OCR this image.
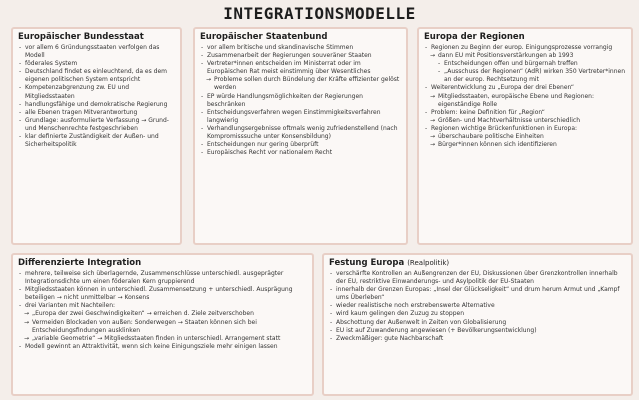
INTEGRATIONSMODELLE
Europäischer Bundesstaat
- vor allem 6 Gründungsstaaten verfolgen das Modell
- föderales System
- Deutschland findet es einleuchtend, da es dem eigenen politischen System entspricht
- Kompetenzabgrenzung zw. EU und Mitgliedsstaaten
- handlungsfähige und demokratische Regierung
- alle Ebenen tragen Mitverantwortung
- Grundlage: ausformulierte Verfassung → Grund- und Menschenrechte festgeschrieben
- klar definierte Zuständigkeit der Außen- und Sicherheitspolitik
Europäischer Staatenbund
- vor allem britische und skandinavische Stimmen
- Zusammenarbeit der Regierungen souveräner Staaten
- Vertreter*innen entscheiden im Ministerrat oder im Europäischen Rat meist einstimmig über Wesentliches
→ Probleme sollen durch Bündelung der Kräfte effizienter gelöst werden
- EP würde Handlungsmöglichkeiten der Regierungen beschränken
- Entscheidungsverfahren wegen Einstimmigkeitsverfahren langwierig
- Verhandlungsergebnisse oftmals wenig zufriedenstellend (nach Kompromisssuche unter Konsensbildung)
- Entscheidungen nur gering überprüft
- Europäisches Recht vor nationalem Recht
Europa der Regionen
- Regionen zu Beginn der europ. Einigungsprozesse vorrangig
→ dann EU mit Positionsverstärkungen ab 1993
- Entscheidungen offen und bürgernah treffen
- „Ausschuss der Regionen“ (AdR) wirken 350 Vertreter*innen an der europ. Rechtsetzung mit
- Weiterentwicklung zu „Europa der drei Ebenen“
→ Mitgliedsstaaten, europäische Ebene und Regionen: eigenständige Rolle
- Problem: keine Definition für „Region“
→ Größen- und Machtverhältnisse unterschiedlich
- Regionen wichtige Brückenfunktionen in Europa:
→ überschaubare politische Einheiten
→ Bürger*innen können sich identifizieren
Differenzierte Integration
- mehrere, teilweise sich überlagernde, Zusammenschlüsse unterschiedl. ausgeprägter Integrationsdichte um einen föderalen Kern gruppierend
- Mitgliedsstaaten können in unterschiedl. Zusammensetzung + unterschiedl. Ausprägung beteiligen → nicht unmittelbar → Konsens
- drei Varianten mit Nachteilen:
→ „Europa der zwei Geschwindigkeiten“ → erreichen d. Ziele zeitverschoben
→ Vermeiden Blockaden von außen: Sonderwegen → Staaten können sich bei Entscheidungsfindungen ausklinken
→ „variable Geometrie“ → Mitgliedsstaaten finden in unterschiedl. Arrangement statt
- Modell gewinnt an Attraktivität, wenn sich keine Einigungsziele mehr einigen lassen
Festung Europa (Realpolitik)
- verschärfte Kontrollen an Außengrenzen der EU, Diskussionen über Grenzkontrollen innerhalb der EU, restriktive Einwanderungs- und Asylpolitik der EU-Staaten
- innerhalb der Grenzen Europas: „Insel der Glückseligkeit“ und drum herum Armut und „Kampf ums Überleben“
- wieder realistische noch erstrebenswerte Alternative
- wird kaum gelingen den Zuzug zu stoppen
- Abschottung der Außenwelt in Zeiten von Globalisierung
- EU ist auf Zuwanderung angewiesen (+ Bevölkerungsentwicklung)
- Zweckmäßiger: gute Nachbarschaft
